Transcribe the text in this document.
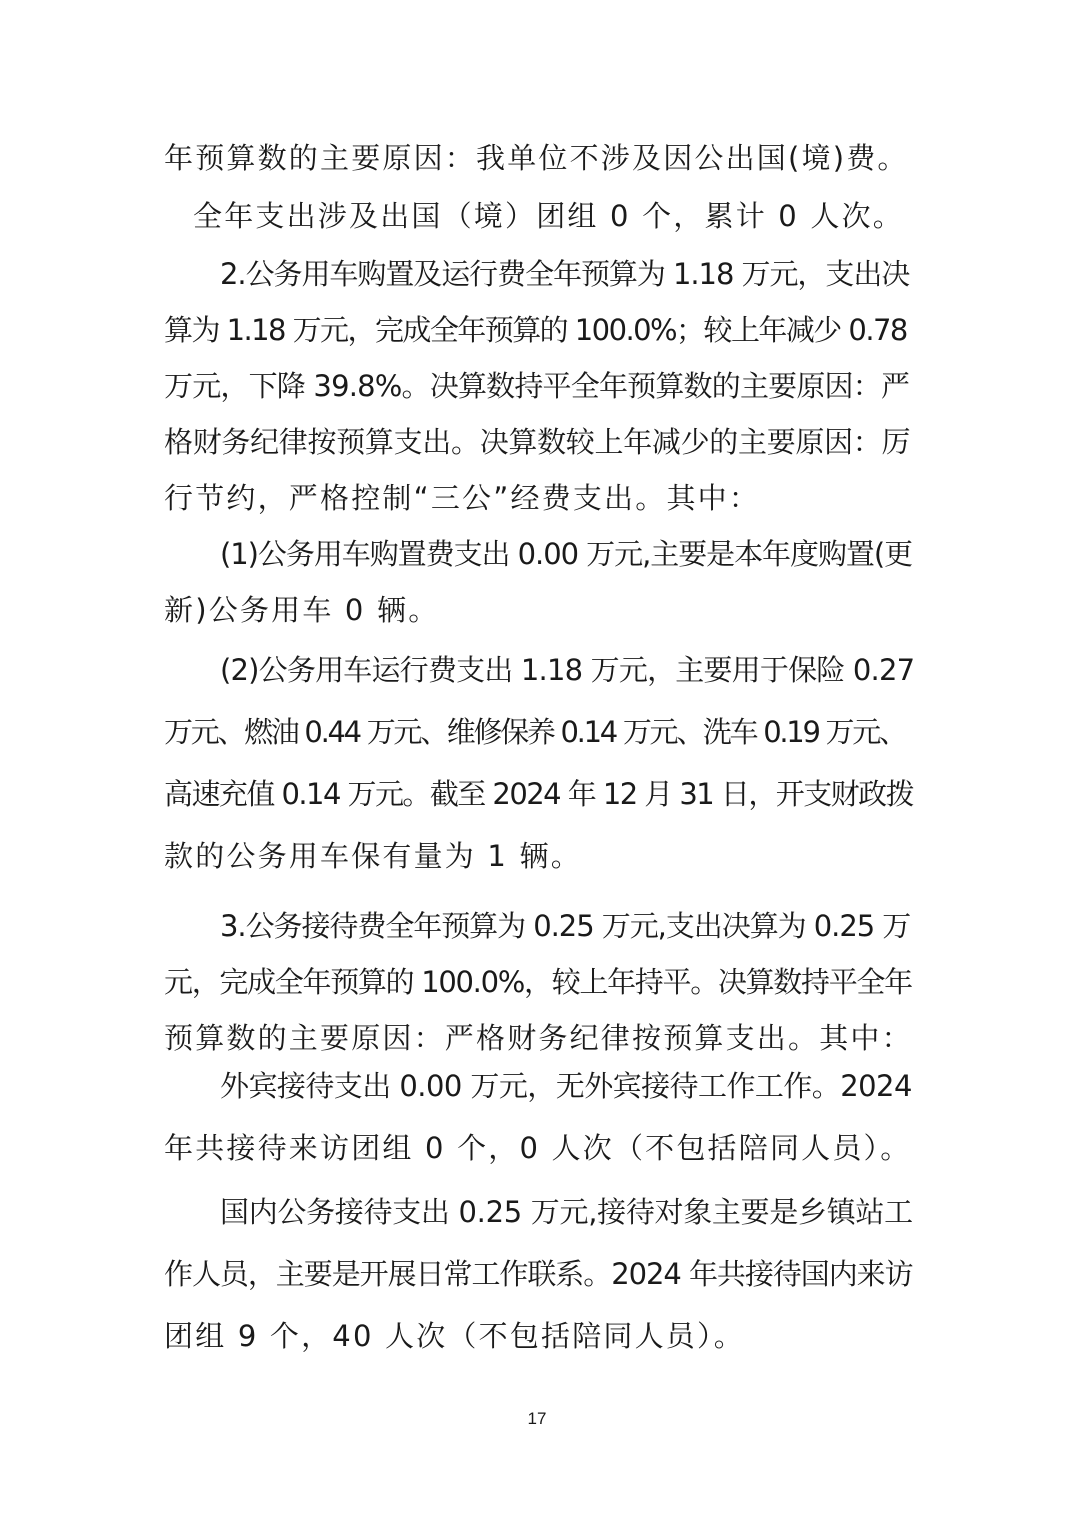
年预算数的主要原因：我单位不涉及因公出国(境)费。
全年支出涉及出国（境）团组 0 个，累计 0 人次。
2.公务用车购置及运行费全年预算为 1.18 万元，支出决
算为 1.18 万元，完成全年预算的 100.0%；较上年减少 0.78
万元，下降 39.8%。决算数持平全年预算数的主要原因：严
格财务纪律按预算支出。决算数较上年减少的主要原因：厉
行节约，严格控制“三公”经费支出。其中：
(1)公务用车购置费支出 0.00 万元,主要是本年度购置(更
新)公务用车 0 辆。
(2)公务用车运行费支出 1.18 万元，主要用于保险 0.27
万元、燃油 0.44 万元、维修保养 0.14 万元、洗车 0.19 万元、
高速充值 0.14 万元。截至 2024 年 12 月 31 日，开支财政拨
款的公务用车保有量为 1 辆。
3.公务接待费全年预算为 0.25 万元,支出决算为 0.25 万
元，完成全年预算的 100.0%，较上年持平。决算数持平全年
预算数的主要原因：严格财务纪律按预算支出。其中：
外宾接待支出 0.00 万元，无外宾接待工作工作。2024
年共接待来访团组 0 个，0 人次（不包括陪同人员）。
国内公务接待支出 0.25 万元,接待对象主要是乡镇站工
作人员，主要是开展日常工作联系。2024 年共接待国内来访
团组 9 个，40 人次（不包括陪同人员）。
17
